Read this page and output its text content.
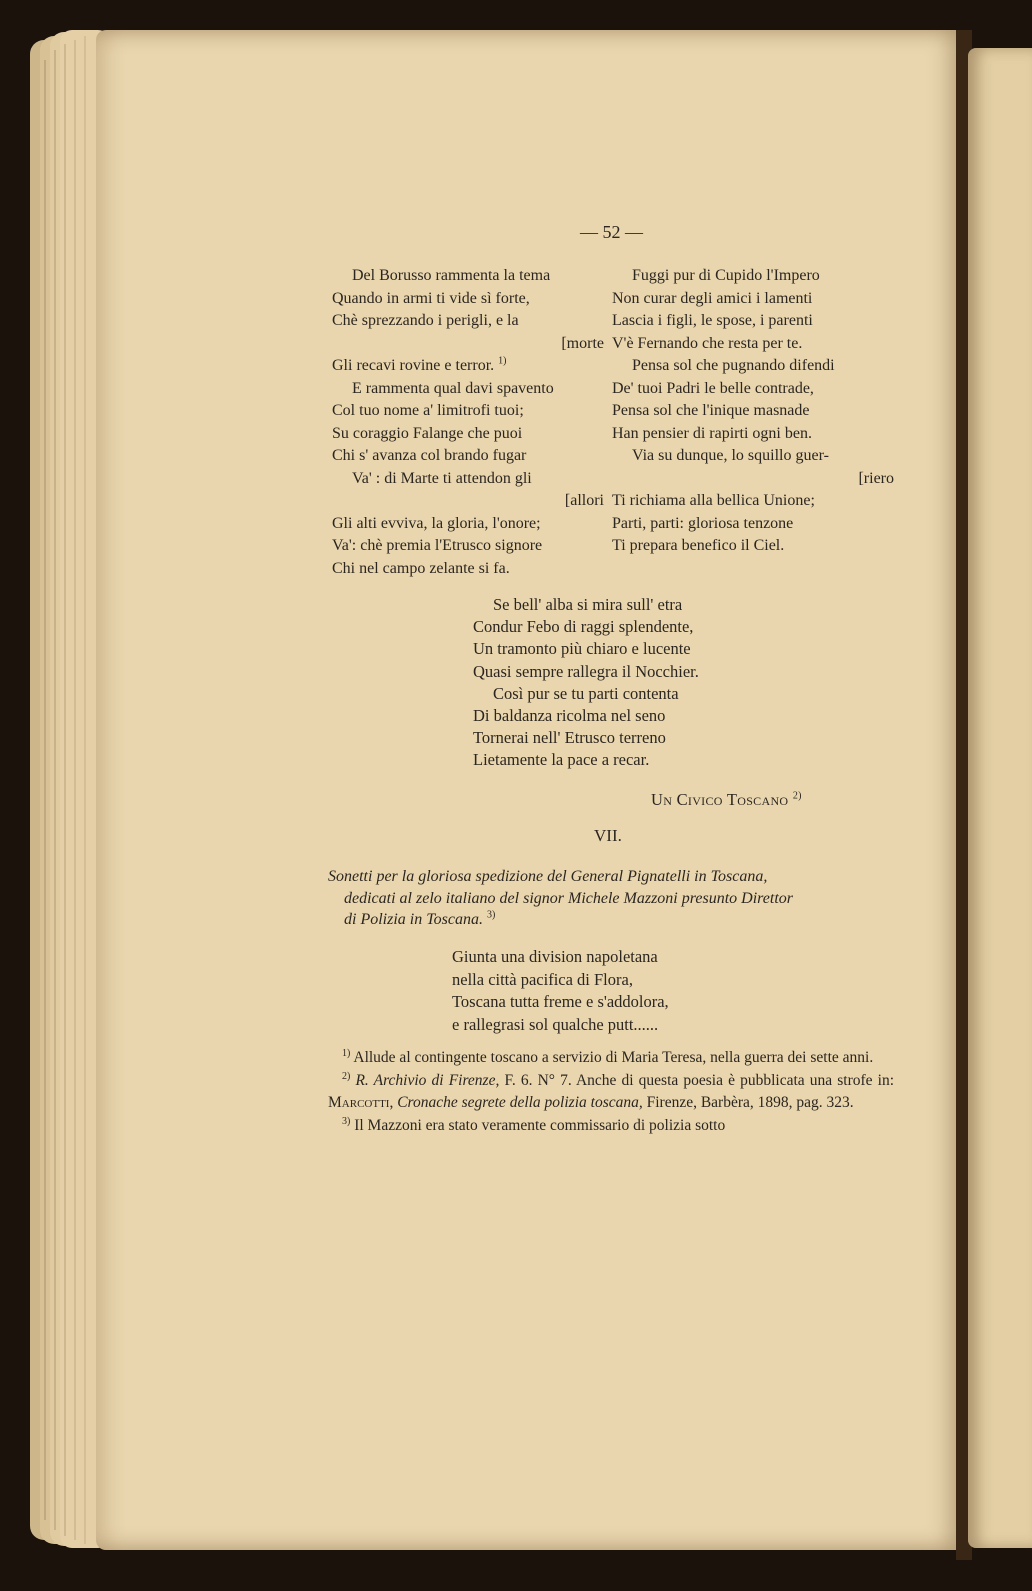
— 52 —
Del Borusso rammenta la tema
Quando in armi ti vide sì forte,
Chè sprezzando i perigli, e la
[morte
Gli recavi rovine e terror. $^{1)}$
E rammenta qual davi spavento
Col tuo nome a' limitrofi tuoi;
Su coraggio Falange che puoi
Chi s' avanza col brando fugar
Va' : di Marte ti attendon gli
[allori
Gli alti evviva, la gloria, l'onore;
Va': chè premia l'Etrusco signore
Chi nel campo zelante si fa.
Fuggi pur di Cupido l'Impero
Non curar degli amici i lamenti
Lascia i figli, le spose, i parenti
V'è Fernando che resta per te.
Pensa sol che pugnando difendi
De' tuoi Padri le belle contrade,
Pensa sol che l'inique masnade
Han pensier di rapirti ogni ben.
Via su dunque, lo squillo guer-
[riero
Ti richiama alla bellica Unione;
Parti, parti: gloriosa tenzone
Ti prepara benefico il Ciel.
Se bell' alba si mira sull' etra
Condur Febo di raggi splendente,
Un tramonto più chiaro e lucente
Quasi sempre rallegra il Nocchier.
Così pur se tu parti contenta
Di baldanza ricolma nel seno
Tornerai nell' Etrusco terreno
Lietamente la pace a recar.
Un Civico Toscano $^{2)}$
VII.
Sonetti per la gloriosa spedizione del General Pignatelli in Toscana,
dedicati al zelo italiano del signor Michele Mazzoni presunto Direttor
di Polizia in Toscana. $^{3)}$
Giunta una division napoletana
nella città pacifica di Flora,
Toscana tutta freme e s'addolora,
e rallegrasi sol qualche putt......

$^{1)}$ Allude al contingente toscano a servizio di Maria Teresa, nella guerra dei sette anni.

$^{2)}$ R. Archivio di Firenze, F. 6. N° 7. Anche di questa poesia è pubblicata una strofe in: Marcotti, Cronache segrete della polizia toscana, Firenze, Barbèra, 1898, pag. 323.

$^{3)}$ Il Mazzoni era stato veramente commissario di polizia sotto
